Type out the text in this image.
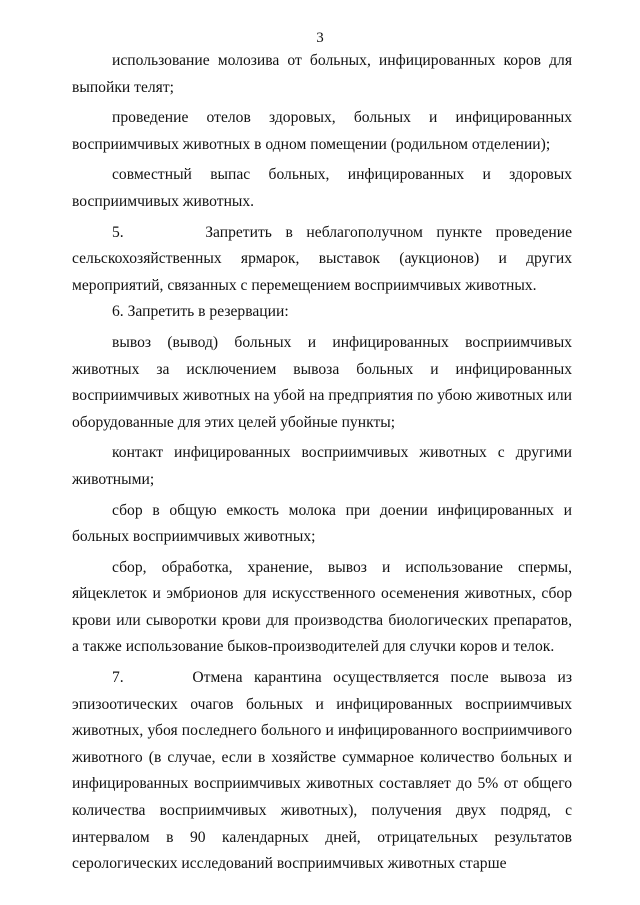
3

использование молозива от больных, инфицированных коров для выпойки телят;

проведение отелов здоровых, больных и инфицированных восприимчивых животных в одном помещении (родильном отделении);

совместный выпас больных, инфицированных и здоровых восприимчивых животных.

5.      Запретить в неблагополучном пункте проведение сельскохозяйственных ярмарок, выставок (аукционов) и других мероприятий, связанных с перемещением восприимчивых животных.

6. Запретить в резервации:

вывоз (вывод) больных и инфицированных восприимчивых животных за исключением вывоза больных и инфицированных восприимчивых животных на убой на предприятия по убою животных или оборудованные для этих целей убойные пункты;

контакт инфицированных восприимчивых животных с другими животными;

сбор в общую емкость молока при доении инфицированных и больных восприимчивых животных;

сбор, обработка, хранение, вывоз и использование спермы, яйцеклеток и эмбрионов для искусственного осеменения животных, сбор крови или сыворотки крови для производства биологических препаратов, а также использование быков-производителей для случки коров и телок.

7.      Отмена карантина осуществляется после вывоза из эпизоотических очагов больных и инфицированных восприимчивых животных, убоя последнего больного и инфицированного восприимчивого животного (в случае, если в хозяйстве суммарное количество больных и инфицированных восприимчивых животных составляет до 5% от общего количества восприимчивых животных), получения двух подряд, с интервалом в 90 календарных дней, отрицательных результатов серологических исследований восприимчивых животных старше
